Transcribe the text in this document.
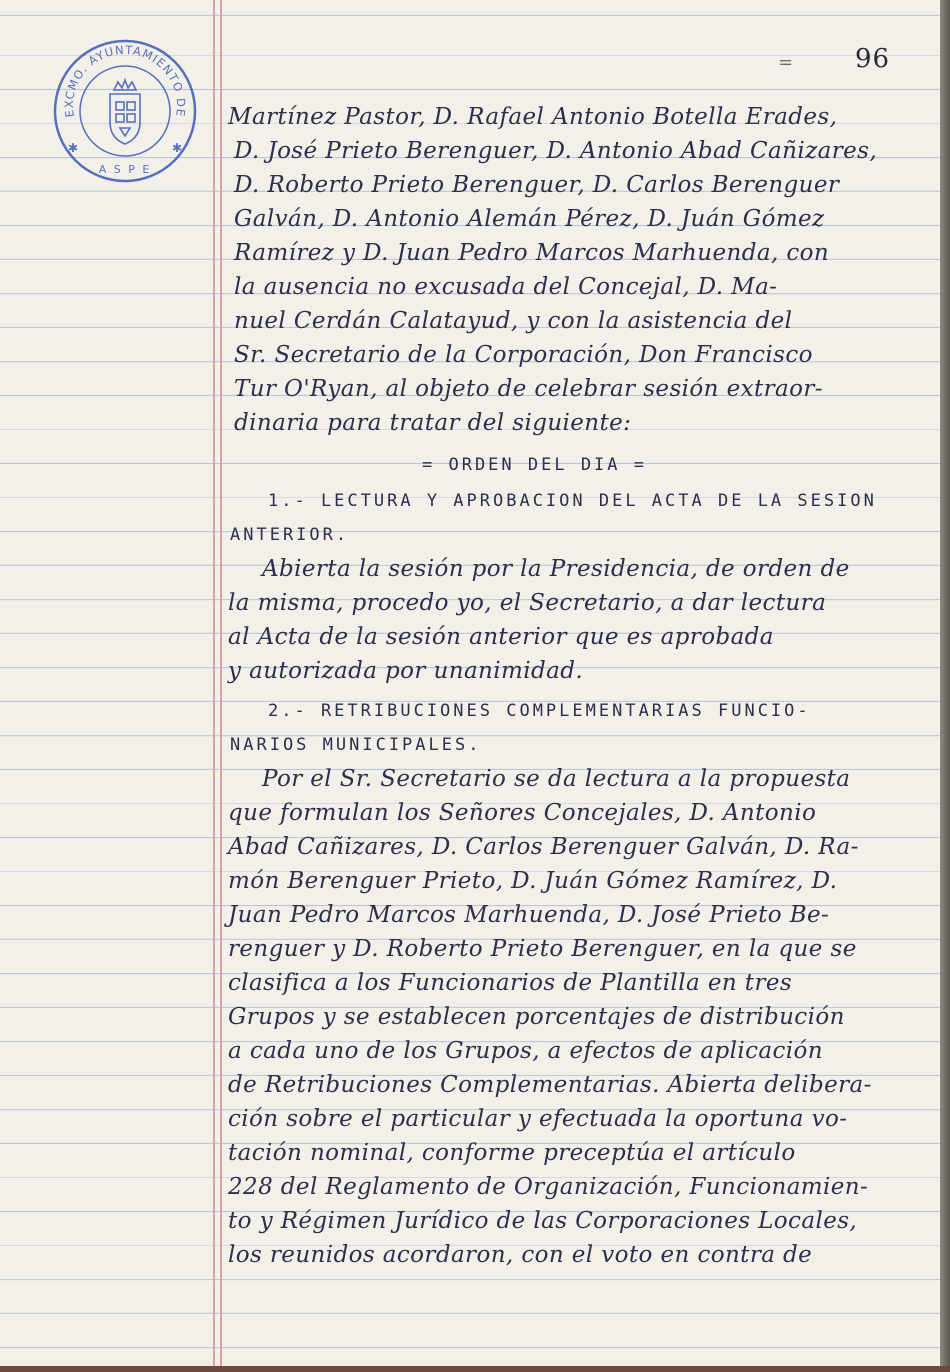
EXCMO. AYUNTAMIENTO DE
A S P E
✱	✱
= 96
Martínez Pastor, D. Rafael Antonio Botella Erades,
D. José Prieto Berenguer, D. Antonio Abad Cañizares,
D. Roberto Prieto Berenguer, D. Carlos Berenguer
Galván, D. Antonio Alemán Pérez, D. Juán Gómez
Ramírez y D. Juan Pedro Marcos Marhuenda, con
la ausencia no excusada del Concejal, D. Ma-
nuel Cerdán Calatayud, y con la asistencia del
Sr. Secretario de la Corporación, Don Francisco
Tur O'Ryan, al objeto de celebrar sesión extraor-
dinaria para tratar del siguiente:
= ORDEN DEL DIA =
1.- LECTURA Y APROBACION DEL ACTA DE LA SESION
ANTERIOR.
Abierta la sesión por la Presidencia, de orden de
la misma, procedo yo, el Secretario, a dar lectura
al Acta de la sesión anterior que es aprobada
y autorizada por unanimidad.
2.- RETRIBUCIONES COMPLEMENTARIAS FUNCIO-
NARIOS MUNICIPALES.
Por el Sr. Secretario se da lectura a la propuesta
que formulan los Señores Concejales, D. Antonio
Abad Cañizares, D. Carlos Berenguer Galván, D. Ra-
món Berenguer Prieto, D. Juán Gómez Ramírez, D.
Juan Pedro Marcos Marhuenda, D. José Prieto Be-
renguer y D. Roberto Prieto Berenguer, en la que se
clasifica a los Funcionarios de Plantilla en tres
Grupos y se establecen porcentajes de distribución
a cada uno de los Grupos, a efectos de aplicación
de Retribuciones Complementarias. Abierta delibera-
ción sobre el particular y efectuada la oportuna vo-
tación nominal, conforme preceptúa el artículo
228 del Reglamento de Organización, Funcionamien-
to y Régimen Jurídico de las Corporaciones Locales,
los reunidos acordaron, con el voto en contra de
